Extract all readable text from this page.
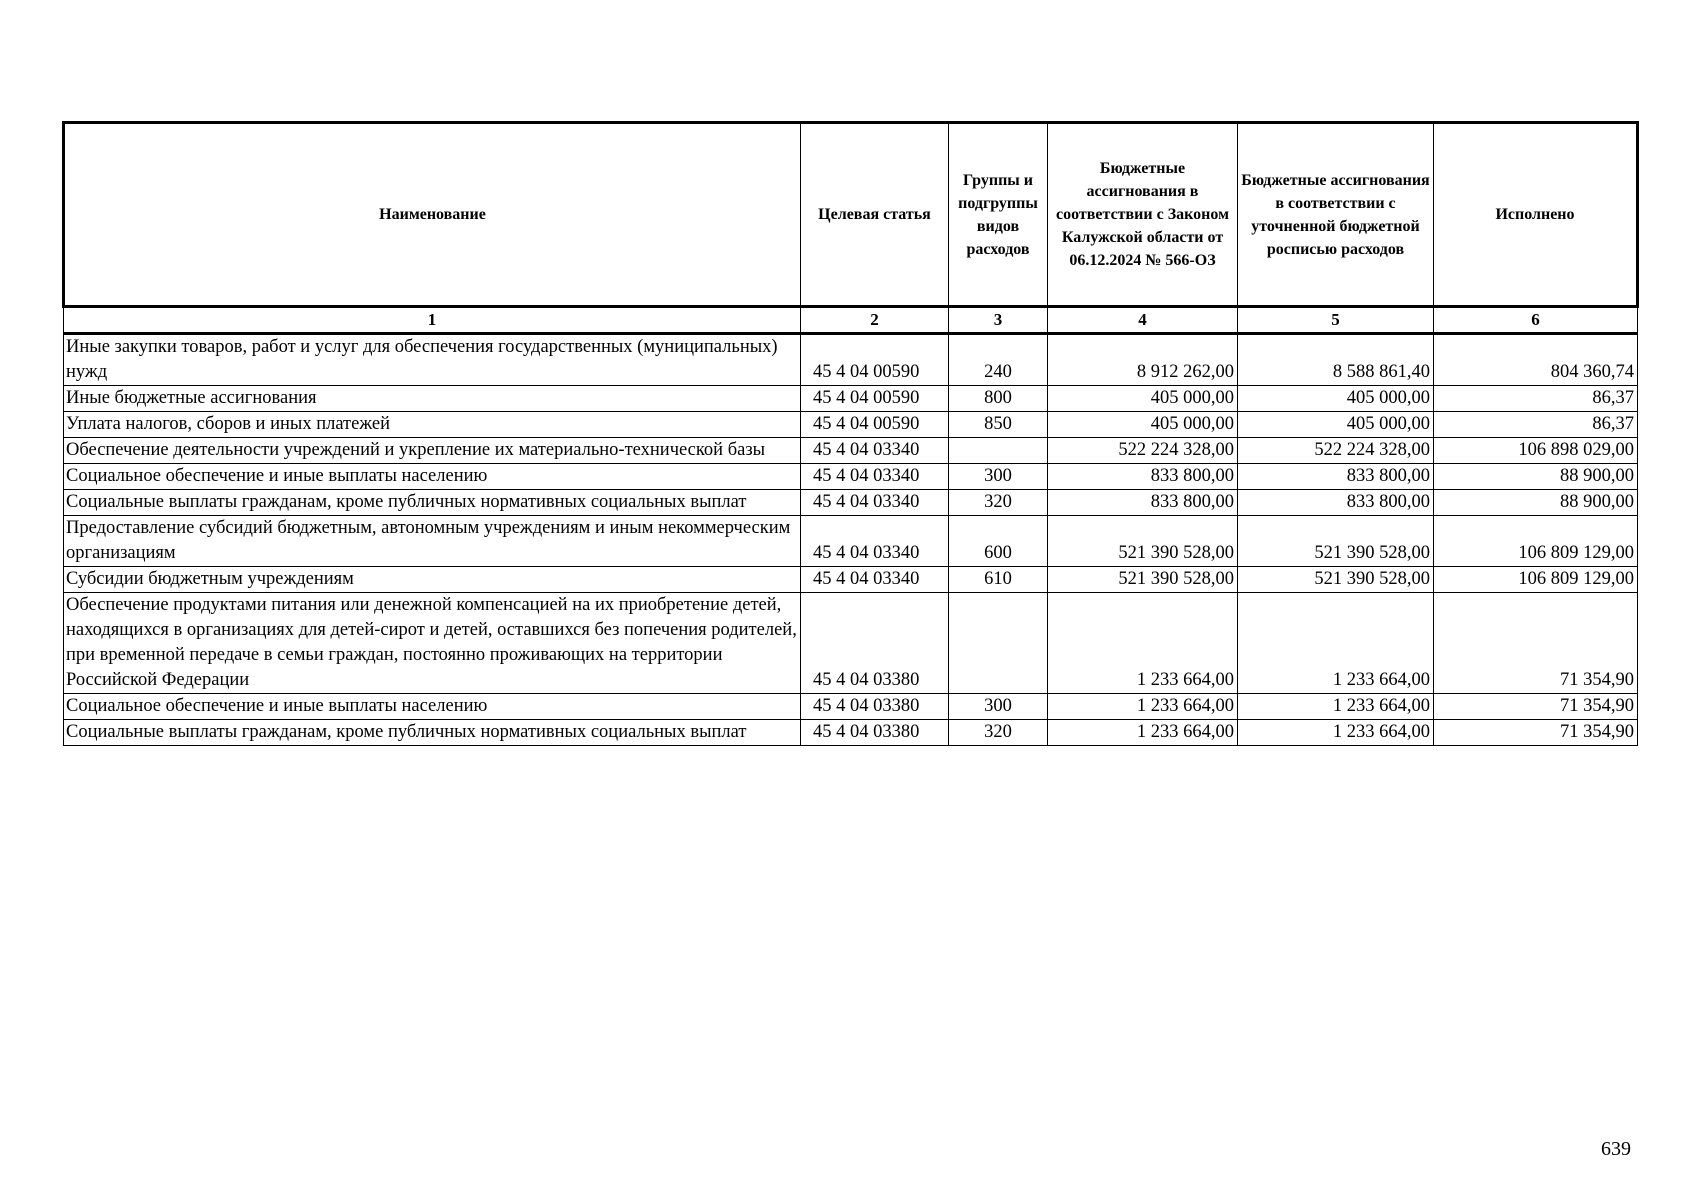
Наименование	Целевая статья	Группы и подгруппы видов расходов	Бюджетные ассигнования в соответствии с Законом Калужской области от 06.12.2024 № 566-ОЗ	Бюджетные ассигнования в соответствии с уточненной бюджетной росписью расходов	Исполнено
1	2	3	4	5	6
Иные закупки товаров, работ и услуг для обеспечения государственных (муниципальных) нужд	45 4 04 00590	240	8 912 262,00	8 588 861,40	804 360,74
Иные бюджетные ассигнования	45 4 04 00590	800	405 000,00	405 000,00	86,37
Уплата налогов, сборов и иных платежей	45 4 04 00590	850	405 000,00	405 000,00	86,37
Обеспечение деятельности учреждений и укрепление их материально-технической базы	45 4 04 03340		522 224 328,00	522 224 328,00	106 898 029,00
Социальное обеспечение и иные выплаты населению	45 4 04 03340	300	833 800,00	833 800,00	88 900,00
Социальные выплаты гражданам, кроме публичных нормативных социальных выплат	45 4 04 03340	320	833 800,00	833 800,00	88 900,00
Предоставление субсидий бюджетным, автономным учреждениям и иным некоммерческим организациям	45 4 04 03340	600	521 390 528,00	521 390 528,00	106 809 129,00
Субсидии бюджетным учреждениям	45 4 04 03340	610	521 390 528,00	521 390 528,00	106 809 129,00
Обеспечение продуктами питания или денежной компенсацией на их приобретение детей, находящихся в организациях для детей-сирот и детей, оставшихся без попечения родителей, при временной передаче в семьи граждан, постоянно проживающих на территории Российской Федерации	45 4 04 03380		1 233 664,00	1 233 664,00	71 354,90
Социальное обеспечение и иные выплаты населению	45 4 04 03380	300	1 233 664,00	1 233 664,00	71 354,90
Социальные выплаты гражданам, кроме публичных нормативных социальных выплат	45 4 04 03380	320	1 233 664,00	1 233 664,00	71 354,90
639
